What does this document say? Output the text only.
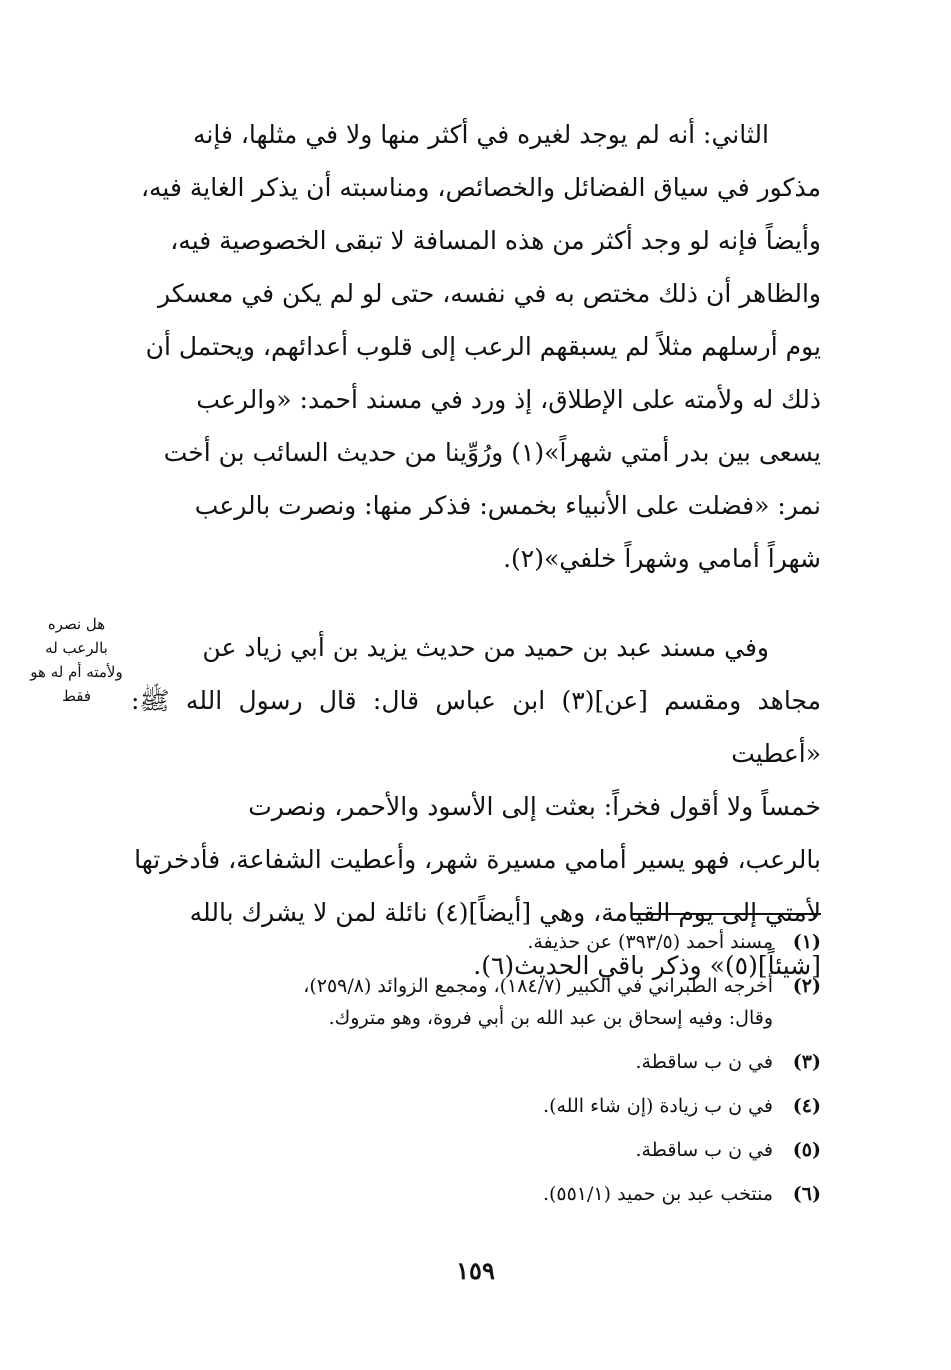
الثاني: أنه لم يوجد لغيره في أكثر منها ولا في مثلها، فإنه

مذكور في سياق الفضائل والخصائص، ومناسبته أن يذكر الغاية فيه،

وأيضاً فإنه لو وجد أكثر من هذه المسافة لا تبقى الخصوصية فيه،

والظاهر أن ذلك مختص به في نفسه، حتى لو لم يكن في معسكر

يوم أرسلهم مثلاً لم يسبقهم الرعب إلى قلوب أعدائهم، ويحتمل أن

ذلك له ولأمته على الإطلاق، إذ ورد في مسند أحمد: «والرعب

يسعى بين بدر أمتي شهراً»(١) ورُوِّينا من حديث السائب بن أخت

نمر: «فضلت على الأنبياء بخمس: فذكر منها: ونصرت بالرعب

شهراً أمامي وشهراً خلفي»(٢).

وفي مسند عبد بن حميد من حديث يزيد بن أبي زياد عن

مجاهد ومقسم [عن](٣) ابن عباس قال: قال رسول الله ﷺ: «أعطيت

خمساً ولا أقول فخراً: بعثت إلى الأسود والأحمر، ونصرت

بالرعب، فهو يسير أمامي مسيرة شهر، وأعطيت الشفاعة، فأدخرتها

لأمتي إلى يوم القيامة، وهي [أيضاً](٤) نائلة لمن لا يشرك بالله

[شيئاً](٥)» وذكر باقي الحديث(٦).

هل نصره
بالرعب له
ولأمته أم له هو
فقط
(١)
مسند أحمد (٣٩٣/٥) عن حذيفة.
(٢)
أخرجه الطبراني في الكبير (١٨٤/٧)، ومجمع الزوائد (٢٥٩/٨)،
وقال: وفيه إسحاق بن عبد الله بن أبي فروة، وهو متروك.
(٣)
في ن ب ساقطة.
(٤)
في ن ب زيادة (إن شاء الله).
(٥)
في ن ب ساقطة.
(٦)
منتخب عبد بن حميد (٥٥١/١).
١٥٩
